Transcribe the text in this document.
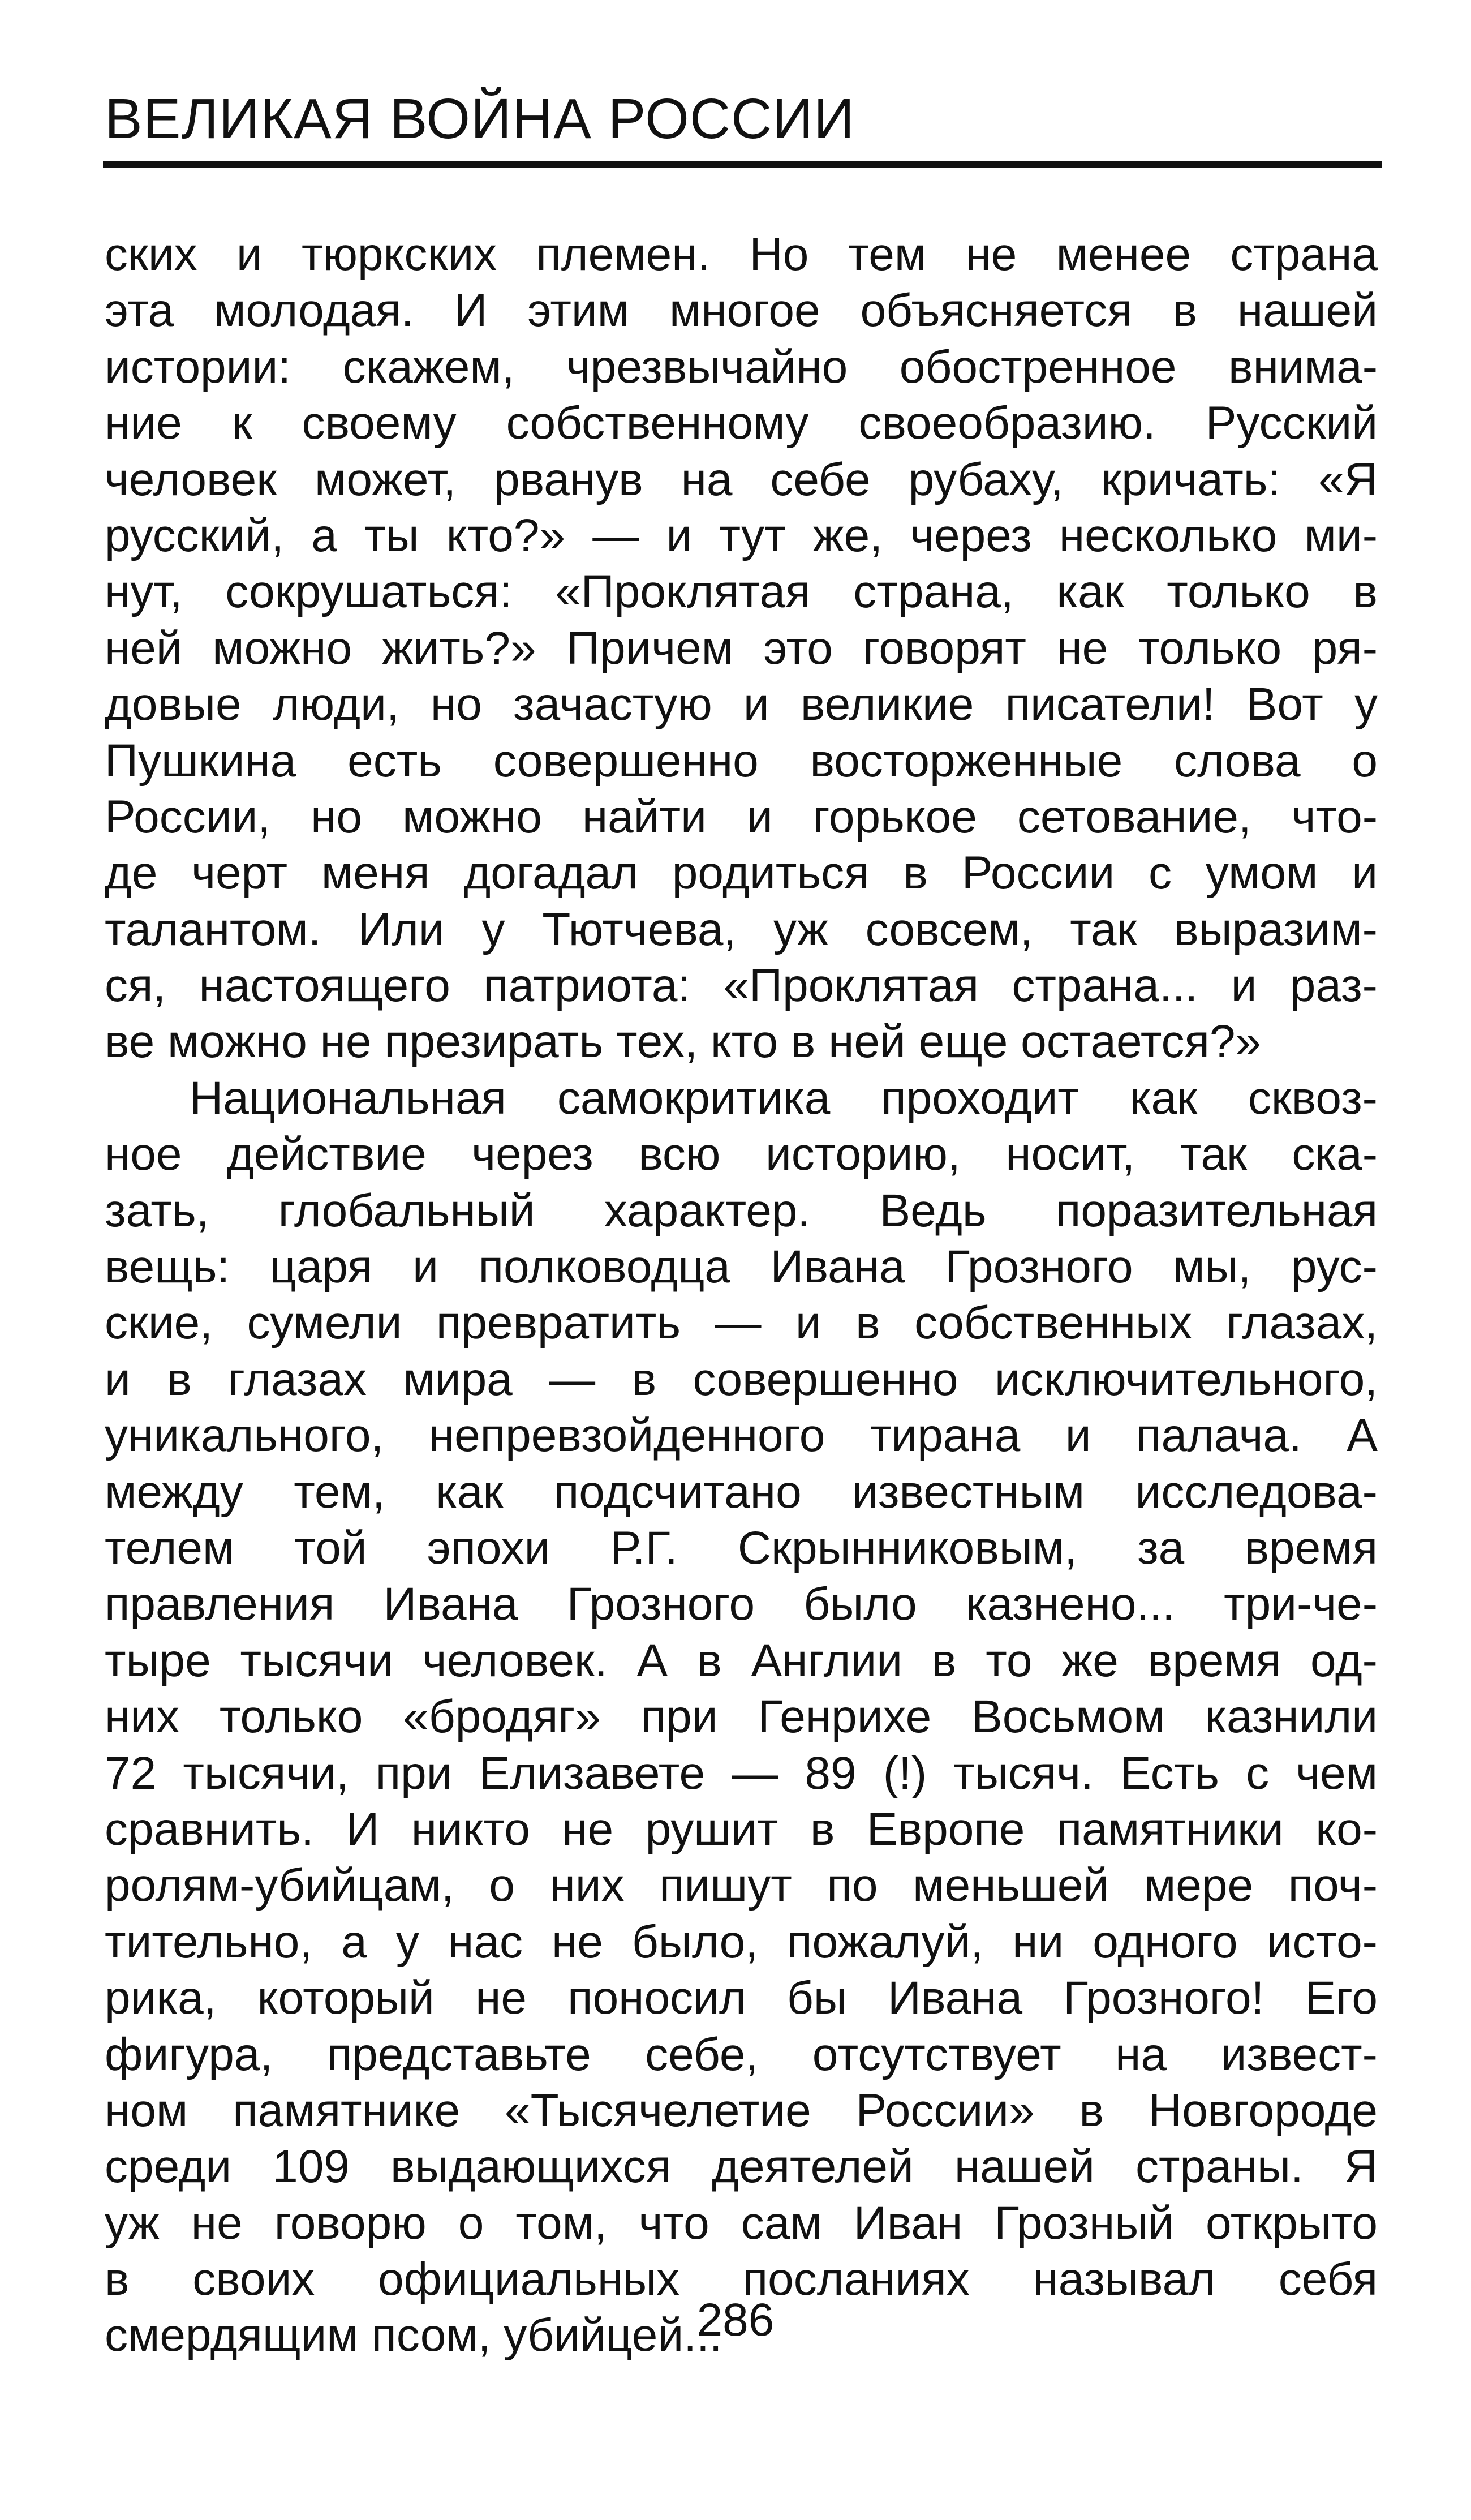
ВЕЛИКАЯ ВОЙНА РОССИИ
ских и тюркских племен. Но тем не менее страна
эта молодая. И этим многое объясняется в нашей
истории: скажем, чрезвычайно обостренное внима-
ние к своему собственному своеобразию. Русский
человек может, рванув на себе рубаху, кричать: «Я
русский, а ты кто?» — и тут же, через несколько ми-
нут, сокрушаться: «Проклятая страна, как только в
ней можно жить?» Причем это говорят не только ря-
довые люди, но зачастую и великие писатели! Вот у
Пушкина есть совершенно восторженные слова о
России, но можно найти и горькое сетование, что-
де черт меня догадал родиться в России с умом и
талантом. Или у Тютчева, уж совсем, так выразим-
ся, настоящего патриота: «Проклятая страна... и раз-
ве можно не презирать тех, кто в ней еще остается?»
Национальная самокритика проходит как сквоз-
ное действие через всю историю, носит, так ска-
зать, глобальный характер. Ведь поразительная
вещь: царя и полководца Ивана Грозного мы, рус-
ские, сумели превратить — и в собственных глазах,
и в глазах мира — в совершенно исключительного,
уникального, непревзойденного тирана и палача. А
между тем, как подсчитано известным исследова-
телем той эпохи Р.Г. Скрынниковым, за время
правления Ивана Грозного было казнено... три-че-
тыре тысячи человек. А в Англии в то же время од-
них только «бродяг» при Генрихе Восьмом казнили
72 тысячи, при Елизавете — 89 (!) тысяч. Есть с чем
сравнить. И никто не рушит в Европе памятники ко-
ролям-убийцам, о них пишут по меньшей мере поч-
тительно, а у нас не было, пожалуй, ни одного исто-
рика, который не поносил бы Ивана Грозного! Его
фигура, представьте себе, отсутствует на извест-
ном памятнике «Тысячелетие России» в Новгороде
среди 109 выдающихся деятелей нашей страны. Я
уж не говорю о том, что сам Иван Грозный открыто
в своих официальных посланиях называл себя
смердящим псом, убийцей...
286
